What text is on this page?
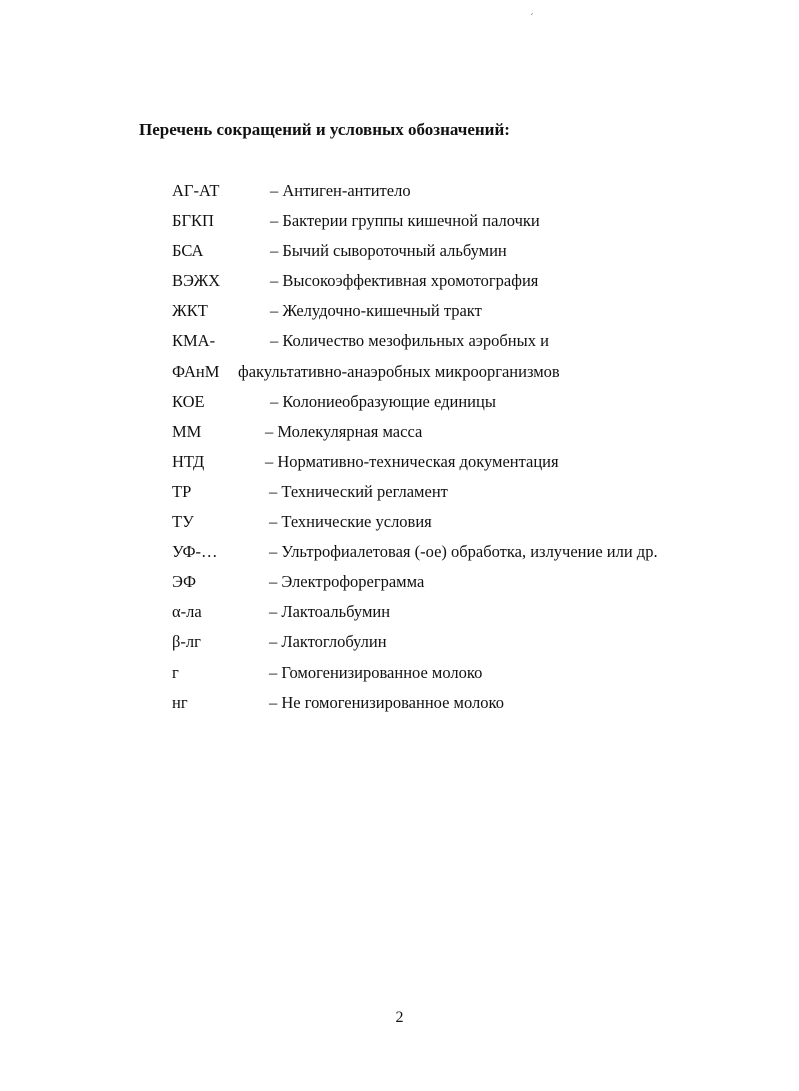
ˊ
Перечень сокращений и условных обозначений:
АГ-АТ	– Антиген-антитело
БГКП	– Бактерии группы кишечной палочки
БСА	– Бычий сывороточный альбумин
ВЭЖХ	– Высокоэффективная хромотография
ЖКТ	– Желудочно-кишечный тракт
КМА-	– Количество мезофильных аэробных и
ФАнМ факультативно-анаэробных микроорганизмов
КОЕ	– Колониеобразующие единицы
ММ	– Молекулярная масса
НТД	– Нормативно-техническая документация
ТР	– Технический регламент
ТУ	– Технические условия
УФ-…	– Ультрофиалетовая (-ое) обработка, излучение или др.
ЭФ	– Электрофореграмма
α-ла	– Лактоальбумин
β-лг	– Лактоглобулин
г	– Гомогенизированное молоко
нг	– Не гомогенизированное молоко
2
